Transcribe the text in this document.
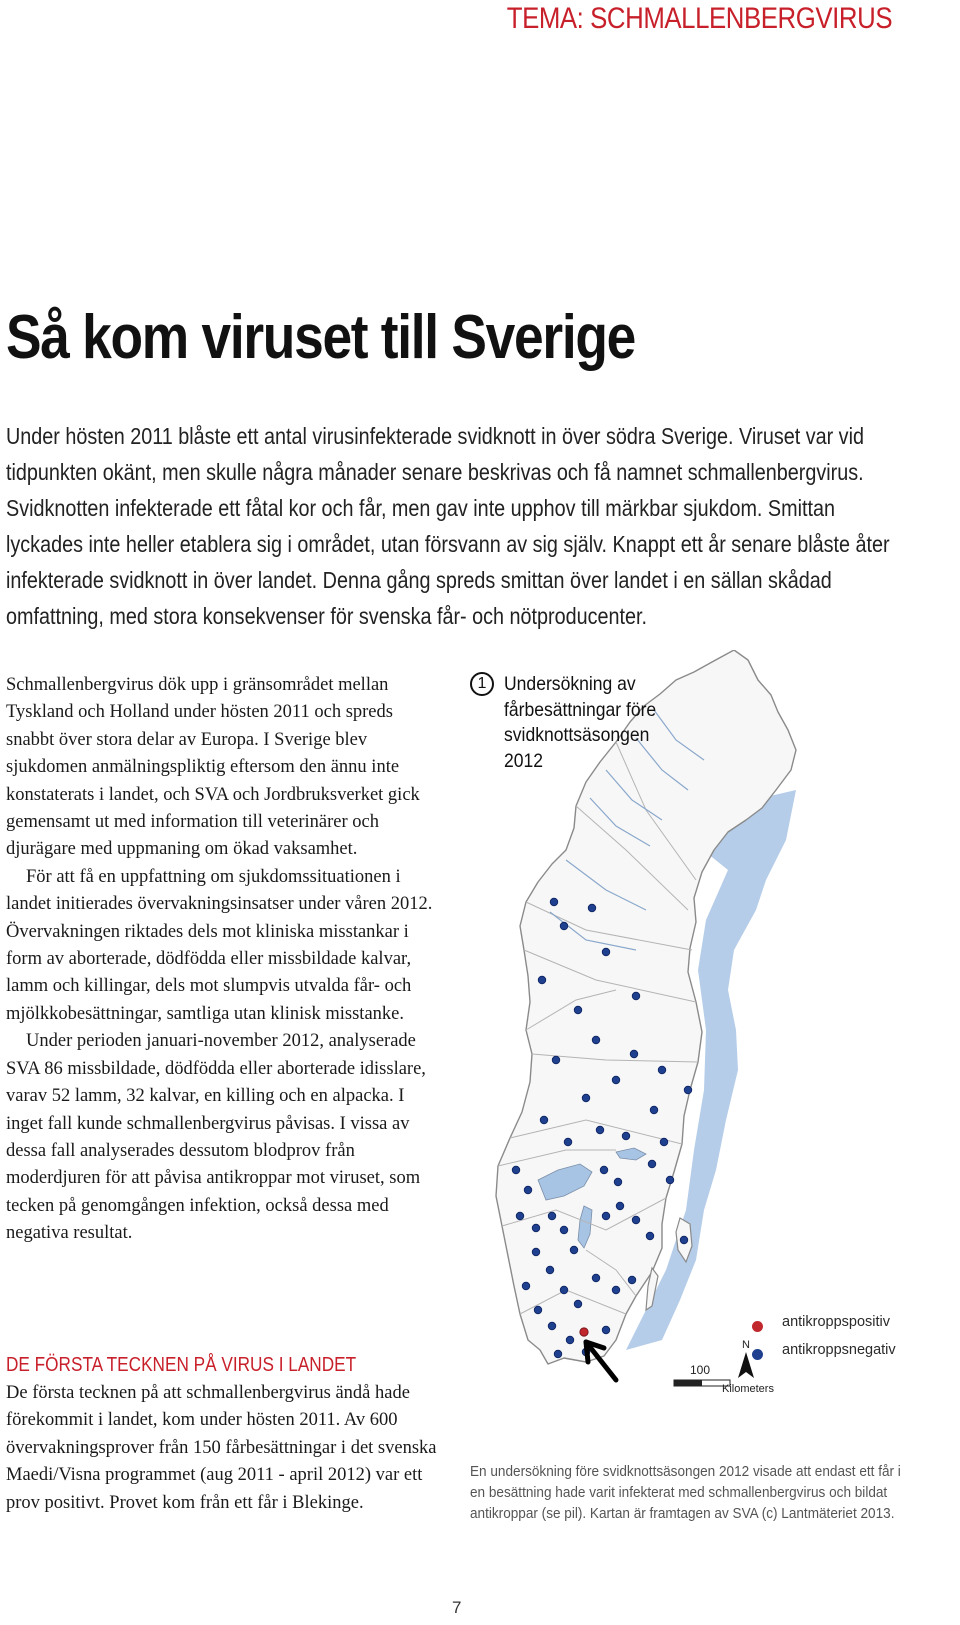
TEMA: SCHMALLENBERGVIRUS
Så kom viruset till Sverige

Under hösten 2011 blåste ett antal virusinfekterade svidknott in över södra Sverige. Viruset var vid tidpunkten okänt, men skulle några månader senare beskrivas och få namnet schmallenbergvirus. Svidknotten infekterade ett fåtal kor och får, men gav inte upphov till märkbar sjukdom. Smittan lyckades inte heller etablera sig i området, utan försvann av sig själv. Knappt ett år senare blåste åter infekterade svidknott in över landet. Denna gång spreds smittan över landet i en sällan skådad omfattning, med stora konsekvenser för svenska får- och nötproducenter.

Schmallenbergvirus dök upp i gränsområdet mellan Tyskland och Holland under hösten 2011 och spreds snabbt över stora delar av Europa. I Sverige blev sjukdomen anmälningspliktig eftersom den ännu inte konstaterats i landet, och SVA och Jordbruksverket gick gemensamt ut med information till veterinärer och djurägare med uppmaning om ökad vaksamhet.

För att få en uppfattning om sjukdomssituationen i landet initierades övervakningsinsatser under våren 2012. Övervakningen riktades dels mot kliniska misstankar i form av aborterade, dödfödda eller missbildade kalvar, lamm och killingar, dels mot slumpvis utvalda får- och mjölkkobesättningar, samtliga utan klinisk misstanke.

Under perioden januari-november 2012, analyserade SVA 86 missbildade, dödfödda eller aborterade idisslare, varav 52 lamm, 32 kalvar, en killing och en alpacka. I inget fall kunde schmallenbergvirus påvisas. I vissa av dessa fall analyserades dessutom blodprov från moderdjuren för att påvisa antikroppar mot viruset, som tecken på genomgången infektion, också dessa med negativa resultat.

DE FÖRSTA TECKNEN PÅ VIRUS I LANDET

De första tecknen på att schmallenbergvirus ändå hade förekommit i landet, kom under hösten 2011. Av 600 övervakningsprover från 150 fårbesättningar i det svenska Maedi/Visna programmet (aug 2011 - april 2012) var ett prov positivt. Provet kom från ett får i Blekinge.

100
Kilometers
N
1 Undersökning av fårbesättningar före svidknottsäsongen 2012
antikroppspositiv
antikroppsnegativ

En undersökning före svidknottsäsongen 2012 visade att endast ett får i en besättning hade varit infekterat med schmallenbergvirus och bildat antikroppar (se pil). Kartan är framtagen av SVA (c) Lantmäteriet 2013.

7
